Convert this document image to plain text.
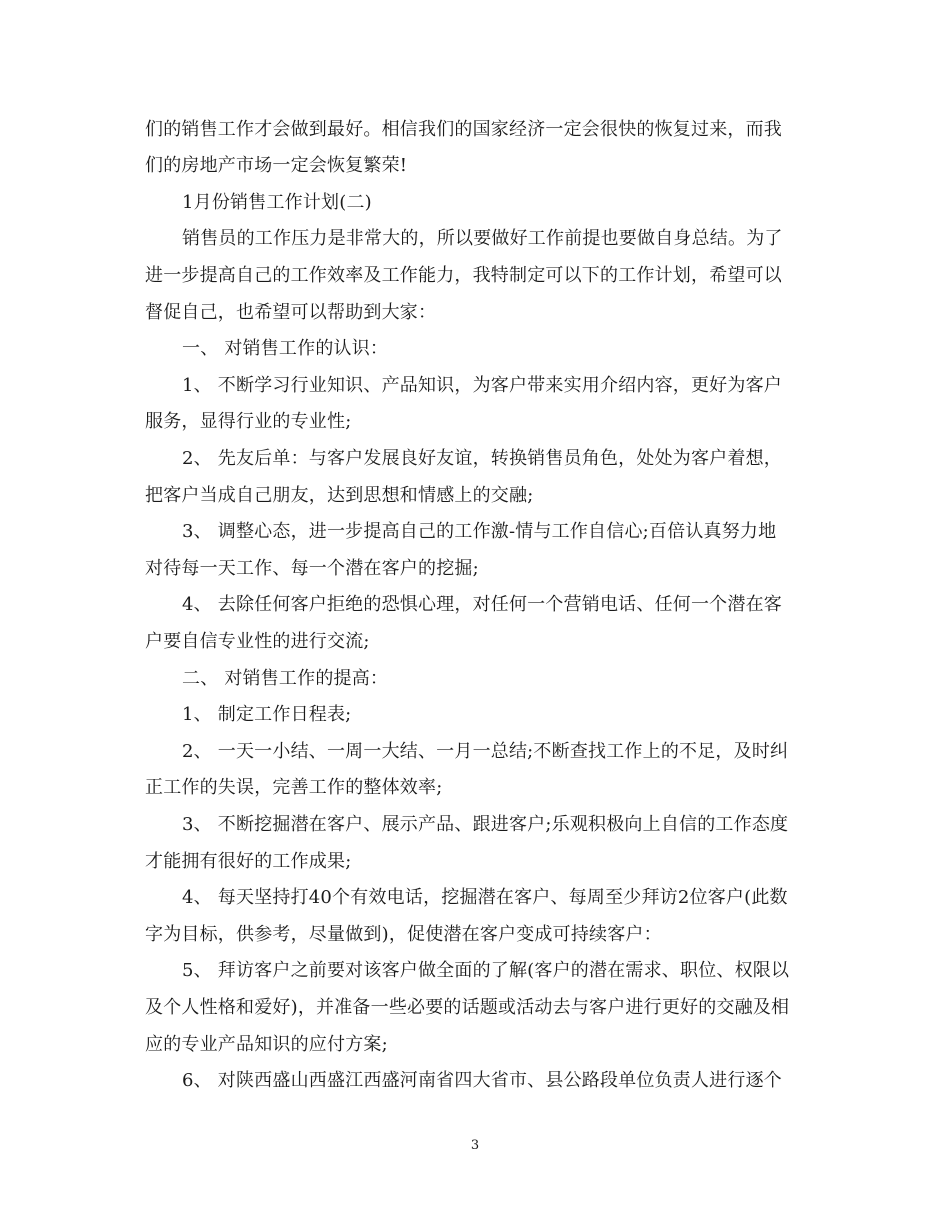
们的销售工作才会做到最好。相信我们的国家经济一定会很快的恢复过来，而我
们的房地产市场一定会恢复繁荣!
1月份销售工作计划(二)
销售员的工作压力是非常大的，所以要做好工作前提也要做自身总结。为了
进一步提高自己的工作效率及工作能力，我特制定可以下的工作计划，希望可以
督促自己，也希望可以帮助到大家：
一、 对销售工作的认识：
1、 不断学习行业知识、产品知识，为客户带来实用介绍内容，更好为客户
服务，显得行业的专业性;
2、 先友后单：与客户发展良好友谊，转换销售员角色，处处为客户着想，
把客户当成自己朋友，达到思想和情感上的交融;
3、 调整心态，进一步提高自己的工作激-情与工作自信心;百倍认真努力地
对待每一天工作、每一个潜在客户的挖掘;
4、 去除任何客户拒绝的恐惧心理，对任何一个营销电话、任何一个潜在客
户要自信专业性的进行交流;
二、 对销售工作的提高：
1、 制定工作日程表;
2、 一天一小结、一周一大结、一月一总结;不断查找工作上的不足，及时纠
正工作的失误，完善工作的整体效率;
3、 不断挖掘潜在客户、展示产品、跟进客户;乐观积极向上自信的工作态度
才能拥有很好的工作成果;
4、 每天坚持打40个有效电话，挖掘潜在客户、每周至少拜访2位客户(此数
字为目标，供参考，尽量做到)，促使潜在客户变成可持续客户：
5、 拜访客户之前要对该客户做全面的了解(客户的潜在需求、职位、权限以
及个人性格和爱好)，并准备一些必要的话题或活动去与客户进行更好的交融及相
应的专业产品知识的应付方案;
6、 对陕西盛山西盛江西盛河南省四大省市、县公路段单位负责人进行逐个
3
